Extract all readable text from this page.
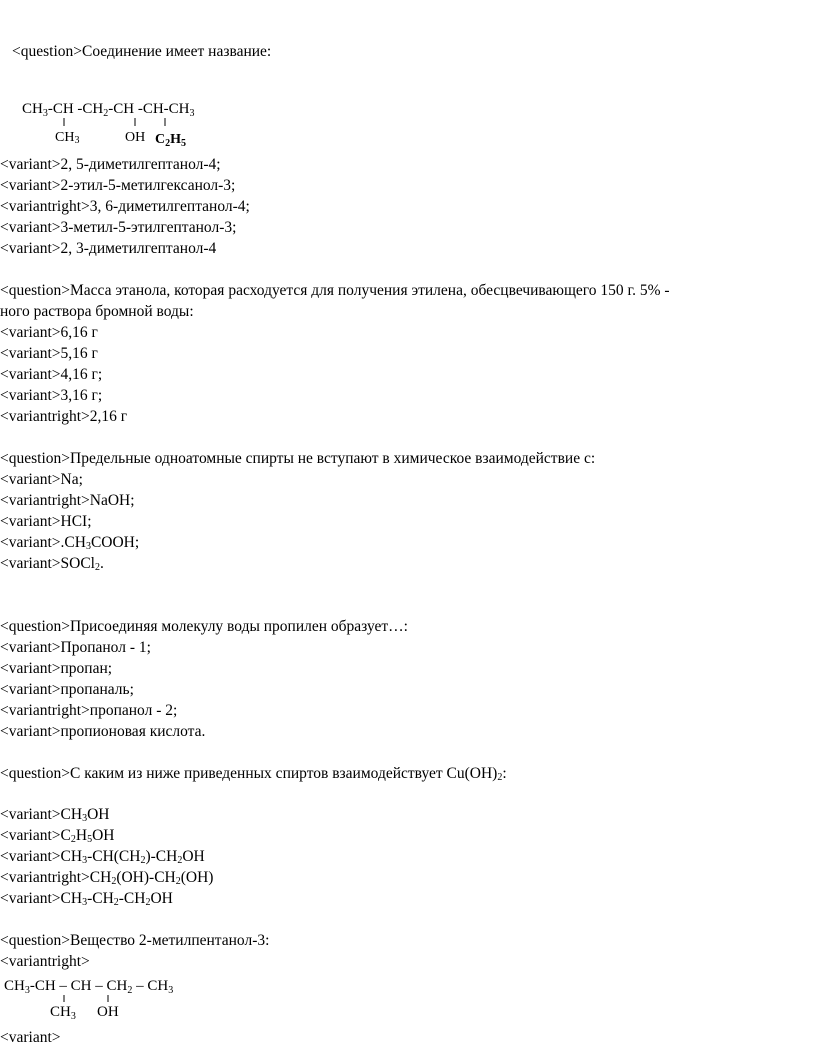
<question>Соединение имеет название:
$CH_3-CH$ $-CH_2-CH$ $-CH-CH_3$
CH3	OH $C_2H_5$
<variant>2, 5-диметилгептанол-4;
<variant>2-этил-5-метилгексанол-3;
<variantright>3, 6-диметилгептанол-4;
<variant>3-метил-5-этилгептанол-3;
<variant>2, 3-диметилгептанол-4
<question>Масса этанола, которая расходуется для получения этилена, обесцвечивающего 150 г. 5% -
ного раствора бромной воды:
<variant>6,16 г
<variant>5,16 г
<variant>4,16 г;
<variant>3,16 г;
<variantright>2,16 г
<question>Предельные одноатомные спирты не вступают в химическое взаимодействие с:
<variant>Na;
<variantright>NaOH;
<variant>HCI;
$<variant>.CH_3COOH$;
<variant>SOCl$_2$.
<question>Присоединяя молекулу воды пропилен образует…:
<variant>Пропанол - 1;
<variant>пропан;
<variant>пропаналь;
<variantright>пропанол - 2;
<variant>пропионовая кислота.
<question>С каким из ниже приведенных спиртов взаимодействует $Cu(OH)_2$:
$<variant>CH_3OH$
$<variant>C_2H_5OH$
$<variant>CH_3-CH(CH_2)-CH_2OH$
$<variantright>CH_2(OH)-CH_2(OH)$
$<variant>CH_3-CH_2-CH_2OH$
<question>Вещество 2-метилпентанол-3:
<variantright>
$CH_3-CH$ – CH – $CH_2 - CH_3$
$CH_3$ OH
<variant>
